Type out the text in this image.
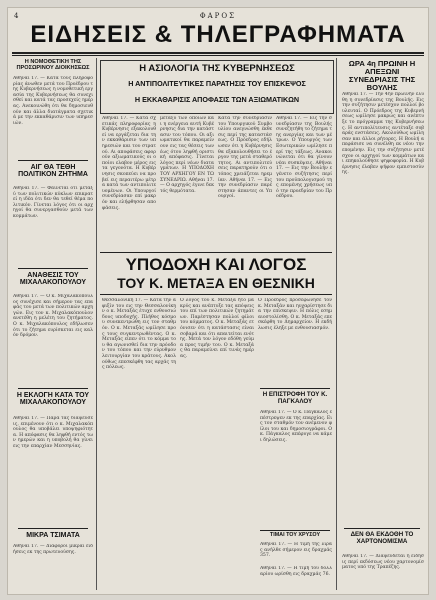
4	ΦΑΡΟΣ
ΕΙΔΗΣΕΙΣ & ΤΗΛΕΓΡΑΦΗΜΑΤΑ
Η ΝΟΜΟΘΕΤΙΚΗ ΤΗΣ ΠΡΟΣΩΡΙΝΟΥ ΔΙΟΙΚΗΣΕΩΣ
Αθήναι 17. — Κατά τους πληροφορίας άνωθεν μετά του Προέδρου της Κυβερνήσεως η νομοθετική εργασία της Κυβερνήσεως θα συνεχισθεί και κατά τας προσεχείς ημέρας. Ανεκοινώθη ότι θα δημοσιευθούν και άλλα διατάγματα σχετικά με την εκκαθάρισιν των υπηρεσιών.
ΑΙΓ ΘΑ ΤΕΘΗ ΠΟΛΙΤΙΚΟΝ ΖΗΤΗΜΑ
Αθήναι 17. — Φαίνεται ότι μεταξύ των πολιτικών κύκλων επικρατεί η ιδέα ότι δεν θα τεθεί θέμα πολιτικόν. Γίνεται λόγος ότι οι αρχηγοί θα συνεργασθούν μετά των κομμάτων.
ΑΝΑΘΕΣΙΣ ΤΟΥ ΜΙΧΑΛΑΚΟΠΟΥΛΟΥ
Αθήναι 17. — Ο κ. Μιχαλακόπουλος συνέχισε και σήμερον τας επαφάς του μετά των πολιτικών αρχηγών. Εις τον κ. Μιχαλακόπουλον ανετέθη η μελέτη του ζητήματος. Ο κ. Μιχαλακόπουλος εδήλωσεν ότι το ζήτημα ευρίσκεται εις καλόν δρόμον.
Η ΕΚΛΟΓΗ ΚΑΤΑ ΤΟΥ ΜΙΧΑΛΑΚΟΠΟΥΛΟΥ
Αθήναι 17. — Παρά τας διαψεύσεις, επιμένουν ότι ο κ. Μιχαλακόπουλος θα υποβάλει υποψηφιότητα. Η απόφασις θα ληφθή εντός των ημερών και η υποβολή θα γίνει εις την επαρχίαν Μεσσηνίας.
ΜΙΚΡΑ ΤΣΙΜΑΤΑ
Αθήναι 17. — Διάφοροι μικραί ειδήσεις εκ της πρωτευούσης.
Η ΑΣΙΟΛΟΓΙΑ ΤΗΣ ΚΥΒΕΡΝΗΣΕΩΣ
Η ΑΝΤΙΠΟΛΙΤΕΥΤΙΚΕΣ ΠΑΡΑΤΗΣΙΣ ΤΟΥ ΕΠΙΣΚΕΨΟΣ
Η ΕΚΚΑΘΑΡΙΣΙΣ ΑΠΟΦΑΣΙΣ ΤΩΝ ΑΞΙΩΜΑΤΙΚΩΝ
Αθήναι 17. — Κατά σχετικάς πληροφορίας η Κυβέρνησις εξακολουθεί να εργάζεται δια την εκκαθάρισιν των υπηρεσιών και του στρατού. Αι αποφάσεις αφορούν αξιωματικούς οι οποίοι ελαβον μέρος εις τα γεγονότα. Η Κυβέρνησις σκοπεύει να προβεί εις περαιτέρω μέτρα κατά των αντιπολιτευομένων. Οι Υπουργοί συνεδρίασαν επί μακρόν και ελήφθησαν αποφάσεις.
μεταξύ των οποίων και η ενέργεια αυτή Κυβέρνησις δια την κατάστασιν του τόπου. Οι αξιωματικοί θα παραμείνουν εις τας θέσεις των έως ότου ληφθή οριστική απόφασις. Γίνεται λόγος περί νέων διαταγμάτων. Η ΥΠΟΔΟΧΗ ΤΟΥ ΑΡΧΗΓΟΥ ΕΝ ΤΩ ΣΥΝΕΔΡΙΩ. Αθήναι 17. — Ο αρχηγός έγινε δεκτός θερμότατα.
Κατά την συνεδρίασιν του Υπουργικού Συμβουλίου ανεγνώσθη έκθεσις περί της καταστάσεως. Ο Πρόεδρος εδήλωσεν ότι η Κυβέρνησις θα εξακολουθήσει το έργον της μετά σταθερότητος. Αι αντιπολιτεύσεις παρατηρούν ότι ο τόπος χρειάζεται ηρεμίαν. Αθήναι 17. — Εις την συνεδρίασιν παρέστησαν άπαντες οι Υπουργοί.
Αθήναι 17. — Εις την συνεδρίασιν της Βουλής συνεζητήθη το ζήτημα της ανεργίας και των μέτρων. Ο Υπουργός των Εσωτερικών ωμίλησε περί της τάξεως. Ανακοινώνεται ότι θα γίνουν νέαι συσκέψεις. Αθήναι 17. — Εις την Βουλήν εγένετο συζήτησις περί του προϋπολογισμού της επομένης χρήσεως υπό την προεδρίαν του Προέδρου.
ΥΠΟΔΟΧΗ ΚΑΙ ΛΟΓΟΣ
ΤΟΥ Κ. ΜΕΤΑΞΑ ΕΝ ΘΕΣΝΙΚΗ
Θεσσαλονίκη 17. — Κατά την αφιξίν του εις την Θεσσαλονίκην ο κ. Μεταξάς έτυχε ενθουσιώδους υποδοχής. Πλήθος κόσμου συνεκεντρώθη εις τον σταθμόν. Ο κ. Μεταξάς ωμίλησε προς τους συγκεντρωθέντας. Ο κ. Μεταξάς είπεν ότι το κόμμα του θα αγωνισθεί δια την πρόοδον του τόπου και την εύρυθμον λειτουργίαν του κράτους. Ακολούθως επεσκέφθη τας αρχάς της πόλεως.
Ο λόγος του κ. Μεταξά ήτο μακρύς και ανέπτυξε τας απόψεις του επί των πολιτικών ζητημάτων. Παρέστησαν πολλοί φίλοι του κόμματος. Ο κ. Μεταξάς ετόνισεν ότι η κατάστασις είναι σοβαρά και ότι απαιτείται ενότης. Μετά τον λόγον εδόθη γεύμα προς τιμήν του. Ο κ. Μεταξάς θα παραμείνει επί τινάς ημέρας.
Ο Πρόεδρος προσεφώνησε τον κ. Μεταξάν και ηυχαρίστησε δια την επίσκεψιν. Η πόλις εσημαιοστολίσθη. Ο κ. Μεταξάς επεσκέφθη το Δημαρχείον. Η εκδήλωσις έληξε με ενθουσιασμόν.
Η ΕΠΙΣΤΡΟΦΗ ΤΟΥ Κ. ΠΑΓΚΑΛΟΥ
Αθήναι 17. — Ο κ. Πάγκαλος επέστρεψεν εκ της επαρχίας. Εις τον σταθμόν τον ανέμενον φίλοι του και δημοσιογράφοι. Ο κ. Πάγκαλος απέφυγε να κάμει δηλώσεις.
ΤΙΜΑΙ ΤΟΥ ΧΡΥΣΟΥ
Αθήναι 17. — Η τιμή της λίρας ανήλθε σήμερον εις δραχμάς 357.
Αθήναι 17. — Η τιμή του δολλαρίου ωρίσθη εις δραχμάς 76.
ΩΡΑ 4η ΠΡΩΙΝΗ Η ΑΠΕΞΩΝΙ ΣΥΝΕΔΡΙΑΣΙΣ ΤΗΣ ΒΟΥΛΗΣ
Αθήναι 17. — Την 4ην πρωινήν ελύθη η συνεδρίασις της Βουλής. Εις την συζήτησιν μετέσχον πολλοί βουλευταί. Ο Πρόεδρος της Κυβερνήσεως ωμίλησε μακρώς και ανέπτυξε το πρόγραμμα της Κυβερνήσεως. Η αντιπολίτευσις αντέταξε σοβαράς ενστάσεις. Ακολούθως ωμίλησαν και άλλοι ρήτορες. Η Βουλή απεφάσισε να συνέλθη εκ νέου την επομένην. Εις την συζήτησιν μετέσχον οι αρχηγοί των κομμάτων και επηκολούθησε ψηφοφορία. Η Κυβέρνησις έλαβεν ψήφον εμπιστοσύνης.
ΔΕΝ ΘΑ ΕΚΔΟΘΗ ΤΟ ΧΑΡΤΟΝΟΜΙΣΜΑ
Αθήναι 17. — Διαψεύδεται η είδησις περί εκδόσεως νέου χαρτονομίσματος υπό της Τραπέζης.
